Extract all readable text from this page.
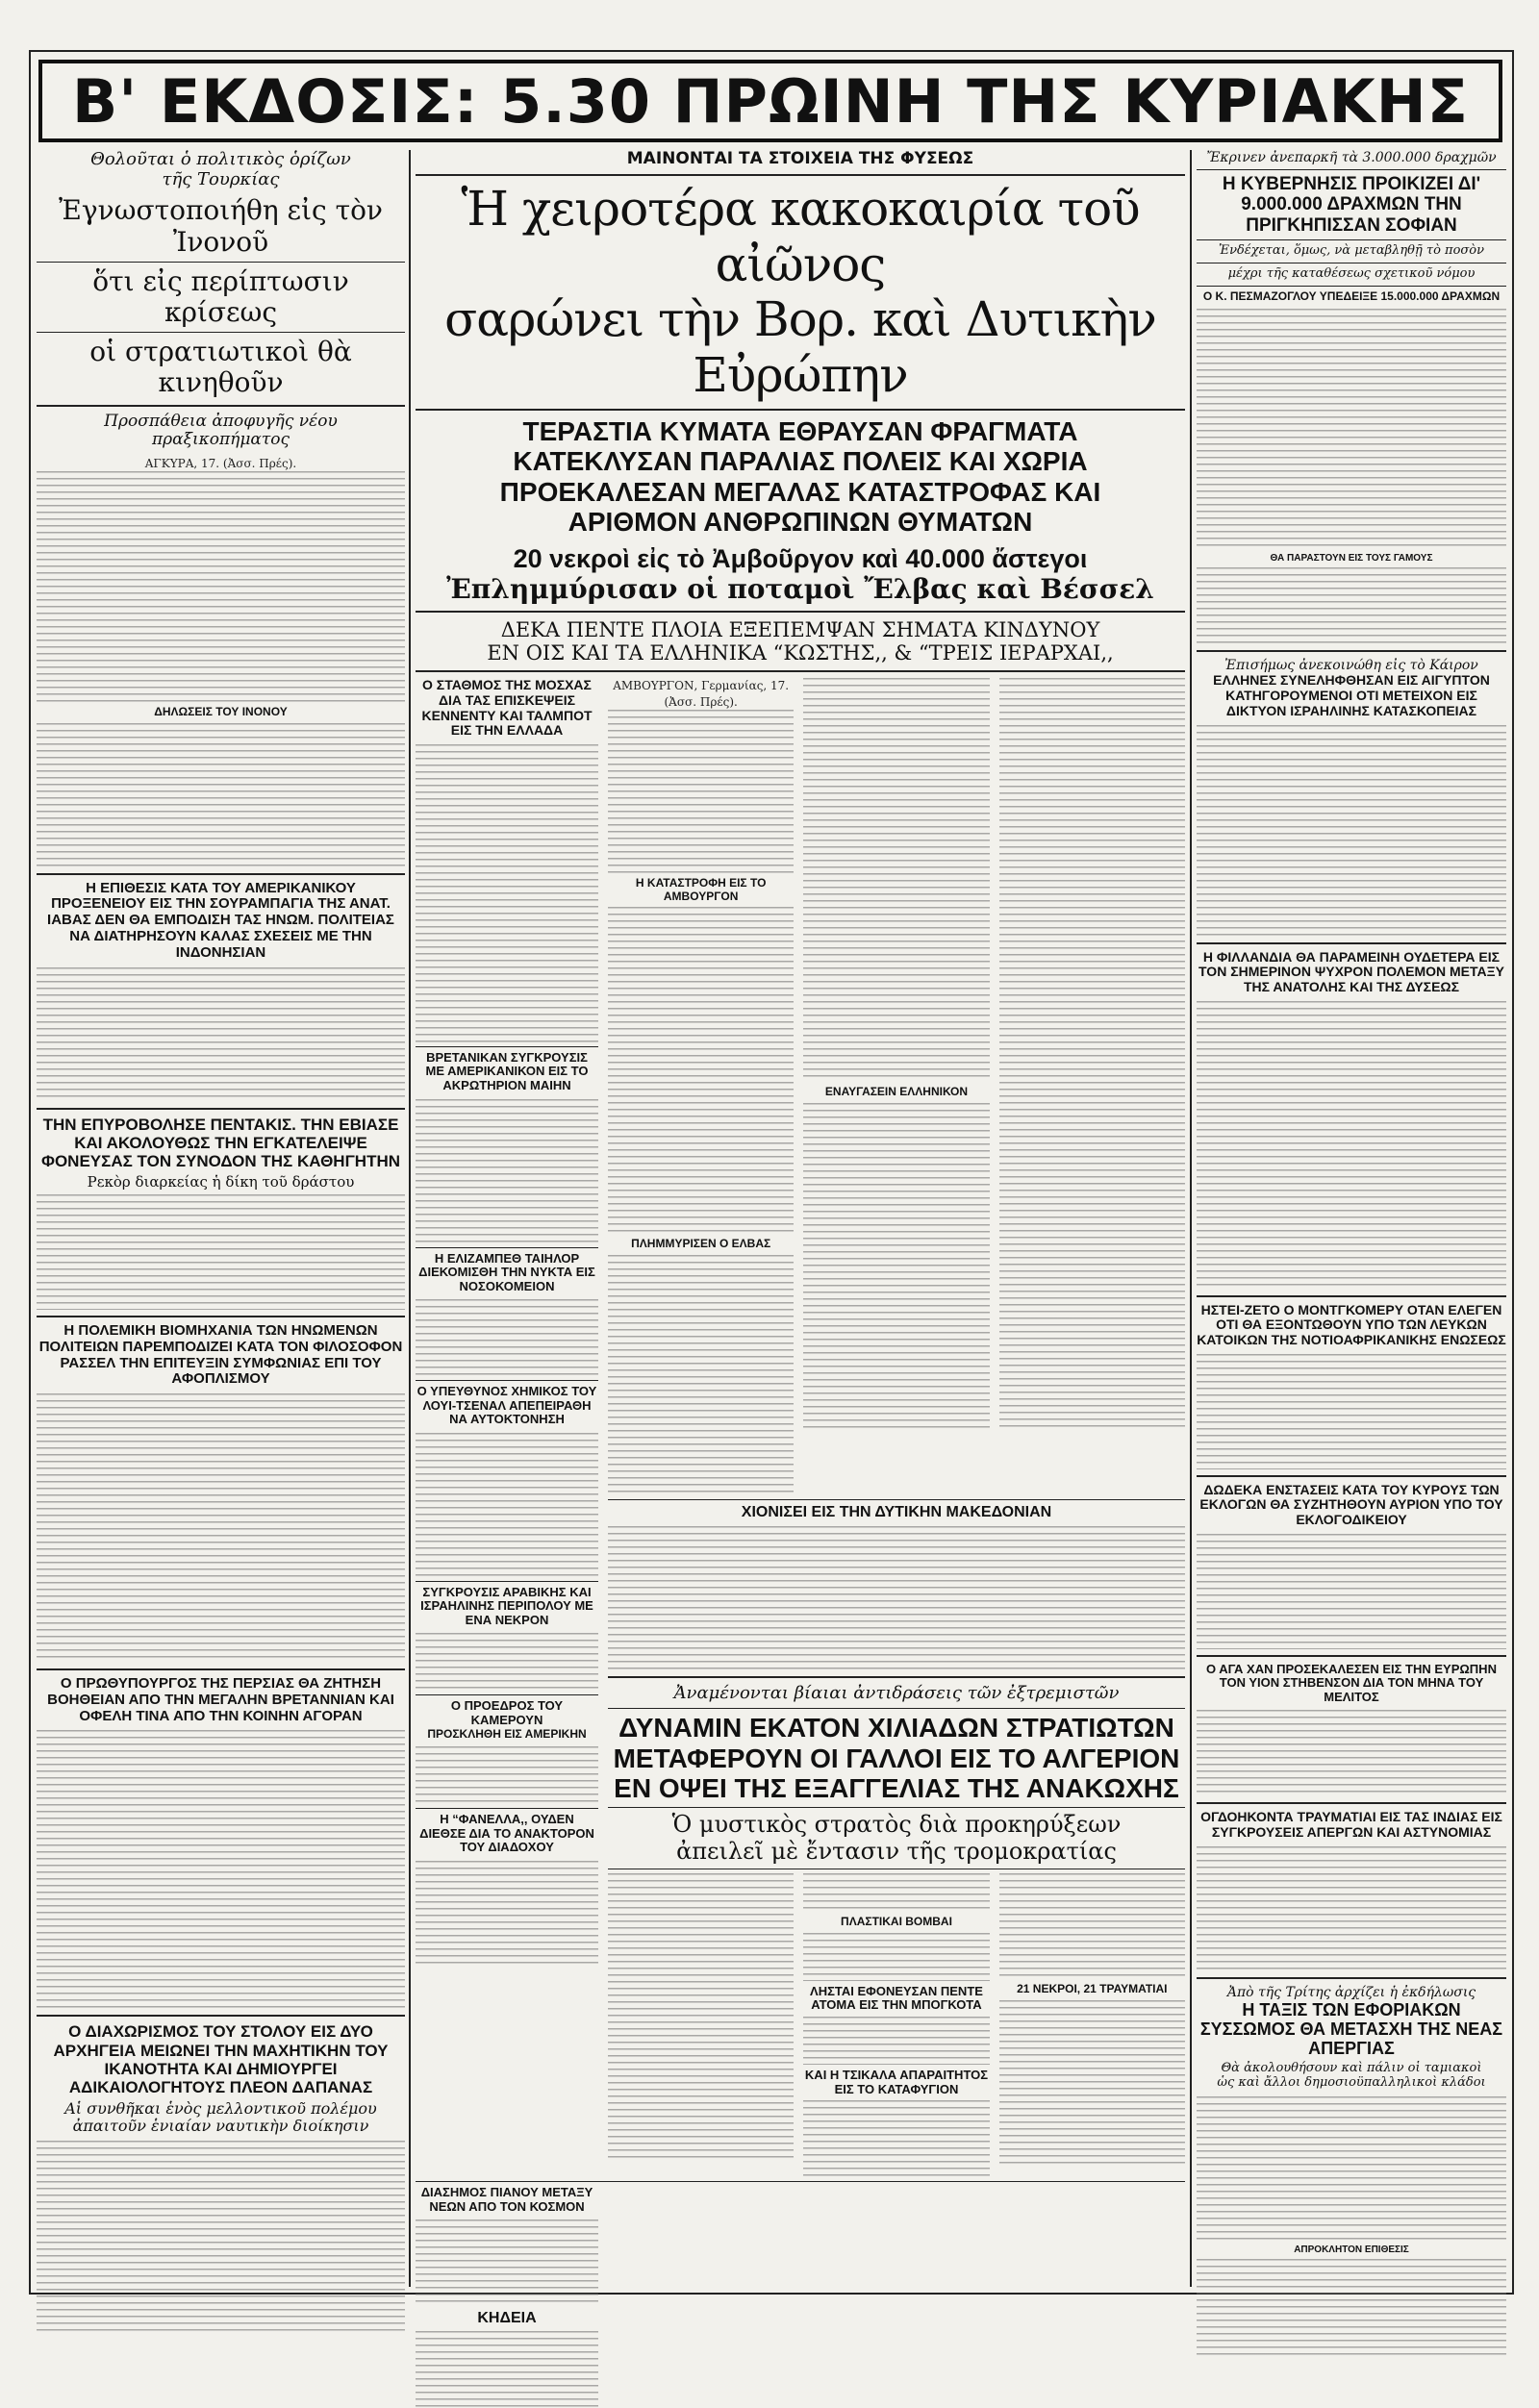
Β' ΕΚΔΟΣΙΣ: 5.30 ΠΡΩΙΝΗ ΤΗΣ ΚΥΡΙΑΚΗΣ

Θολοῦται ὁ πολιτικὸς ὁρίζων τῆς Τουρκίας

Ἐγνωστοποιήθη εἰς τὸν Ἰνονοῦ

ὅτι εἰς περίπτωσιν κρίσεως

οἱ στρατιωτικοὶ θὰ κινηθοῦν

Προσπάθεια ἀποφυγῆς νέου πραξικοπήματος

ΑΓΚΥΡΑ, 17. (Ἀσσ. Πρές).

ΔΗΛΩΣΕΙΣ ΤΟΥ ΙΝΟΝΟΥ

Η ΕΠΙΘΕΣΙΣ ΚΑΤΑ ΤΟΥ ΑΜΕΡΙΚΑΝΙΚΟΥ ΠΡΟΞΕΝΕΙΟΥ ΕΙΣ ΤΗΝ ΣΟΥΡΑΜΠΑΓΙΑ ΤΗΣ ΑΝΑΤ. ΙΑΒΑΣ ΔΕΝ ΘΑ ΕΜΠΟΔΙΣΗ ΤΑΣ ΗΝΩΜ. ΠΟΛΙΤΕΙΑΣ ΝΑ ΔΙΑΤΗΡΗΣΟΥΝ ΚΑΛΑΣ ΣΧΕΣΕΙΣ ΜΕ ΤΗΝ ΙΝΔΟΝΗΣΙΑΝ

ΤΗΝ ΕΠΥΡΟΒΟΛΗΣΕ ΠΕΝΤΑΚΙΣ. ΤΗΝ ΕΒΙΑΣΕ ΚΑΙ ΑΚΟΛΟΥΘΩΣ ΤΗΝ ΕΓΚΑΤΕΛΕΙΨΕ ΦΟΝΕΥΣΑΣ ΤΟΝ ΣΥΝΟΔΟΝ ΤΗΣ ΚΑΘΗΓΗΤΗΝ

Ρεκὸρ διαρκείας ἡ δίκη τοῦ δράστου

Η ΠΟΛΕΜΙΚΗ ΒΙΟΜΗΧΑΝΙΑ ΤΩΝ ΗΝΩΜΕΝΩΝ ΠΟΛΙΤΕΙΩΝ ΠΑΡΕΜΠΟΔΙΖΕΙ ΚΑΤΑ ΤΟΝ ΦΙΛΟΣΟΦΟΝ ΡΑΣΣΕΛ ΤΗΝ ΕΠΙΤΕΥΞΙΝ ΣΥΜΦΩΝΙΑΣ ΕΠΙ ΤΟΥ ΑΦΟΠΛΙΣΜΟΥ

Ο ΠΡΩΘΥΠΟΥΡΓΟΣ ΤΗΣ ΠΕΡΣΙΑΣ ΘΑ ΖΗΤΗΣΗ ΒΟΗΘΕΙΑΝ ΑΠΟ ΤΗΝ ΜΕΓΑΛΗΝ ΒΡΕΤΑΝΝΙΑΝ ΚΑΙ ΟΦΕΛΗ ΤΙΝΑ ΑΠΟ ΤΗΝ ΚΟΙΝΗΝ ΑΓΟΡΑΝ

Ο ΔΙΑΧΩΡΙΣΜΟΣ ΤΟΥ ΣΤΟΛΟΥ ΕΙΣ ΔΥΟ ΑΡΧΗΓΕΙΑ ΜΕΙΩΝΕΙ ΤΗΝ ΜΑΧΗΤΙΚΗΝ ΤΟΥ ΙΚΑΝΟΤΗΤΑ ΚΑΙ ΔΗΜΙΟΥΡΓΕΙ ΑΔΙΚΑΙΟΛΟΓΗΤΟΥΣ ΠΛΕΟΝ ΔΑΠΑΝΑΣ

Αἱ συνθῆκαι ἑνὸς μελλοντικοῦ πολέμου

ἀπαιτοῦν ἑνιαίαν ναυτικὴν διοίκησιν

ΜΑΙΝΟΝΤΑΙ ΤΑ ΣΤΟΙΧΕΙΑ ΤΗΣ ΦΥΣΕΩΣ

Ἡ χειροτέρα κακοκαιρία τοῦ αἰῶνος

σαρώνει τὴν Βορ. καὶ Δυτικὴν Εὐρώπην

ΤΕΡΑΣΤΙΑ ΚΥΜΑΤΑ ΕΘΡΑΥΣΑΝ ΦΡΑΓΜΑΤΑ ΚΑΤΕΚΛΥΣΑΝ ΠΑΡΑΛΙΑΣ ΠΟΛΕΙΣ ΚΑΙ ΧΩΡΙΑ ΠΡΟΕΚΑΛΕΣΑΝ ΜΕΓΑΛΑΣ ΚΑΤΑΣΤΡΟΦΑΣ ΚΑΙ ΑΡΙΘΜΟΝ ΑΝΘΡΩΠΙΝΩΝ ΘΥΜΑΤΩΝ

20 νεκροὶ εἰς τὸ Ἀμβοῦργον καὶ 40.000 ἄστεγοι

Ἐπλημμύρισαν οἱ ποταμοὶ Ἔλβας καὶ Βέσσελ

ΔΕΚΑ ΠΕΝΤΕ ΠΛΟΙΑ ΕΞΕΠΕΜΨΑΝ ΣΗΜΑΤΑ ΚΙΝΔΥΝΟΥ

ΕΝ ΟΙΣ ΚΑΙ ΤΑ ΕΛΛΗΝΙΚΑ “ΚΩΣΤΗΣ,, & “ΤΡΕΙΣ ΙΕΡΑΡΧΑΙ,,

Ο ΣΤΑΘΜΟΣ ΤΗΣ ΜΟΣΧΑΣ ΔΙΑ ΤΑΣ ΕΠΙΣΚΕΨΕΙΣ ΚΕΝΝΕΝΤΥ ΚΑΙ ΤΑΛΜΠΟΤ ΕΙΣ ΤΗΝ ΕΛΛΑΔΑ

ΒΡΕΤΑΝΙΚΑΝ ΣΥΓΚΡΟΥΣΙΣ ΜΕ ΑΜΕΡΙΚΑΝΙΚΟΝ ΕΙΣ ΤΟ ΑΚΡΩΤΗΡΙΟΝ ΜΑΙΗΝ

Η ΕΛΙΖΑΜΠΕΘ ΤΑΙΗΛΟΡ ΔΙΕΚΟΜΙΣΘΗ ΤΗΝ ΝΥΚΤΑ ΕΙΣ ΝΟΣΟΚΟΜΕΙΟΝ

Ο ΥΠΕΥΘΥΝΟΣ ΧΗΜΙΚΟΣ ΤΟΥ ΛΟΥΙ-ΤΣΕΝΑΛ ΑΠΕΠΕΙΡΑΘΗ ΝΑ ΑΥΤΟΚΤΟΝΗΣΗ

ΣΥΓΚΡΟΥΣΙΣ ΑΡΑΒΙΚΗΣ ΚΑΙ ΙΣΡΑΗΛΙΝΗΣ ΠΕΡΙΠΟΛΟΥ ΜΕ ΕΝΑ ΝΕΚΡΟΝ

Ο ΠΡΟΕΔΡΟΣ ΤΟΥ ΚΑΜΕΡΟΥΝ

ΠΡΟΣΚΛΗΘΗ ΕΙΣ ΑΜΕΡΙΚΗΝ

Η “ΦΑΝΕΛΛΑ,, ΟΥΔΕΝ ΔΙΕΘΣΕ ΔΙΑ ΤΟ ΑΝΑΚΤΟΡΟΝ ΤΟΥ ΔΙΑΔΟΧΟΥ

ΑΜΒΟΥΡΓΟΝ, Γερμανίας, 17. (Ἀσσ. Πρές).

Η ΚΑΤΑΣΤΡΟΦΗ ΕΙΣ ΤΟ ΑΜΒΟΥΡΓΟΝ

ΠΛΗΜΜΥΡΙΣΕΝ Ο ΕΛΒΑΣ

ΕΝΑΥΓΑΣΕΙΝ ΕΛΛΗΝΙΚΟΝ

ΧΙΟΝΙΣΕΙ ΕΙΣ ΤΗΝ ΔΥΤΙΚΗΝ ΜΑΚΕΔΟΝΙΑΝ

Ἀναμένονται βίαιαι ἀντιδράσεις τῶν ἐξτρεμιστῶν

ΔΥΝΑΜΙΝ ΕΚΑΤΟΝ ΧΙΛΙΑΔΩΝ ΣΤΡΑΤΙΩΤΩΝ ΜΕΤΑΦΕΡΟΥΝ ΟΙ ΓΑΛΛΟΙ ΕΙΣ ΤΟ ΑΛΓΕΡΙΟΝ ΕΝ ΟΨΕΙ ΤΗΣ ΕΞΑΓΓΕΛΙΑΣ ΤΗΣ ΑΝΑΚΩΧΗΣ

Ὁ μυστικὸς στρατὸς διὰ προκηρύξεων

ἀπειλεῖ μὲ ἔντασιν τῆς τρομοκρατίας

ΠΛΑΣΤΙΚΑΙ ΒΟΜΒΑΙ

ΛΗΣΤΑΙ ΕΦΟΝΕΥΣΑΝ ΠΕΝΤΕ ΑΤΟΜΑ ΕΙΣ ΤΗΝ ΜΠΟΓΚΟΤΑ

ΚΑΙ Η ΤΣΙΚΑΛΑ ΑΠΑΡΑΙΤΗΤΟΣ ΕΙΣ ΤΟ ΚΑΤΑΦΥΓΙΟΝ

21 ΝΕΚΡΟΙ, 21 ΤΡΑΥΜΑΤΙΑΙ

ΔΙΑΣΗΜΟΣ ΠΙΑΝΟΥ ΜΕΤΑΞΥ ΝΕΩΝ ΑΠΟ ΤΟΝ ΚΟΣΜΟΝ

ΚΗΔΕΙΑ

Ἔκρινεν ἀνεπαρκῆ τὰ 3.000.000 δραχμῶν

Η ΚΥΒΕΡΝΗΣΙΣ ΠΡΟΙΚΙΖΕΙ ΔΙ' 9.000.000 ΔΡΑΧΜΩΝ ΤΗΝ ΠΡΙΓΚΗΠΙΣΣΑΝ ΣΟΦΙΑΝ

Ἐνδέχεται, ὅμως, νὰ μεταβληθῇ τὸ ποσὸν

μέχρι τῆς καταθέσεως σχετικοῦ νόμου

Ο Κ. ΠΕΣΜΑΖΟΓΛΟΥ ΥΠΕΔΕΙΞΕ 15.000.000 ΔΡΑΧΜΩΝ

ΘΑ ΠΑΡΑΣΤΟΥΝ ΕΙΣ ΤΟΥΣ ΓΑΜΟΥΣ

Ἐπισήμως ἀνεκοινώθη εἰς τὸ Κάιρον

ΕΛΛΗΝΕΣ ΣΥΝΕΛΗΦΘΗΣΑΝ ΕΙΣ ΑΙΓΥΠΤΟΝ ΚΑΤΗΓΟΡΟΥΜΕΝΟΙ ΟΤΙ ΜΕΤΕΙΧΟΝ ΕΙΣ ΔΙΚΤΥΟΝ ΙΣΡΑΗΛΙΝΗΣ ΚΑΤΑΣΚΟΠΕΙΑΣ

Η ΦΙΛΛΑΝΔΙΑ ΘΑ ΠΑΡΑΜΕΙΝΗ ΟΥΔΕΤΕΡΑ ΕΙΣ ΤΟΝ ΣΗΜΕΡΙΝΟΝ ΨΥΧΡΟΝ ΠΟΛΕΜΟΝ ΜΕΤΑΞΥ ΤΗΣ ΑΝΑΤΟΛΗΣ ΚΑΙ ΤΗΣ ΔΥΣΕΩΣ

ΗΣΤΕΙ-ΖΕΤΟ Ο ΜΟΝΤΓΚΟΜΕΡΥ ΟΤΑΝ ΕΛΕΓΕΝ ΟΤΙ ΘΑ ΕΞΟΝΤΩΘΟΥΝ ΥΠΟ ΤΩΝ ΛΕΥΚΩΝ ΚΑΤΟΙΚΩΝ ΤΗΣ ΝΟΤΙΟΑΦΡΙΚΑΝΙΚΗΣ ΕΝΩΣΕΩΣ

ΔΩΔΕΚΑ ΕΝΣΤΑΣΕΙΣ ΚΑΤΑ ΤΟΥ ΚΥΡΟΥΣ ΤΩΝ ΕΚΛΟΓΩΝ ΘΑ ΣΥΖΗΤΗΘΟΥΝ ΑΥΡΙΟΝ ΥΠΟ ΤΟΥ ΕΚΛΟΓΟΔΙΚΕΙΟΥ

Ο ΑΓΑ ΧΑΝ ΠΡΟΣΕΚΑΛΕΣΕΝ ΕΙΣ ΤΗΝ ΕΥΡΩΠΗΝ ΤΟΝ ΥΙΟΝ ΣΤΗΒΕΝΣΟΝ ΔΙΑ ΤΟΝ ΜΗΝΑ ΤΟΥ ΜΕΛΙΤΟΣ

ΟΓΔΟΗΚΟΝΤΑ ΤΡΑΥΜΑΤΙΑΙ ΕΙΣ ΤΑΣ ΙΝΔΙΑΣ ΕΙΣ ΣΥΓΚΡΟΥΣΕΙΣ ΑΠΕΡΓΩΝ ΚΑΙ ΑΣΤΥΝΟΜΙΑΣ

Ἀπὸ τῆς Τρίτης ἀρχίζει ἡ ἐκδήλωσις

Η ΤΑΞΙΣ ΤΩΝ ΕΦΟΡΙΑΚΩΝ ΣΥΣΣΩΜΟΣ ΘΑ ΜΕΤΑΣΧΗ ΤΗΣ ΝΕΑΣ ΑΠΕΡΓΙΑΣ

Θὰ ἀκολουθήσουν καὶ πάλιν οἱ ταμιακοὶ

ὡς καὶ ἄλλοι δημοσιοϋπαλληλικοὶ κλάδοι

ΑΠΡΟΚΛΗΤΟΝ ΕΠΙΘΕΣΙΣ
